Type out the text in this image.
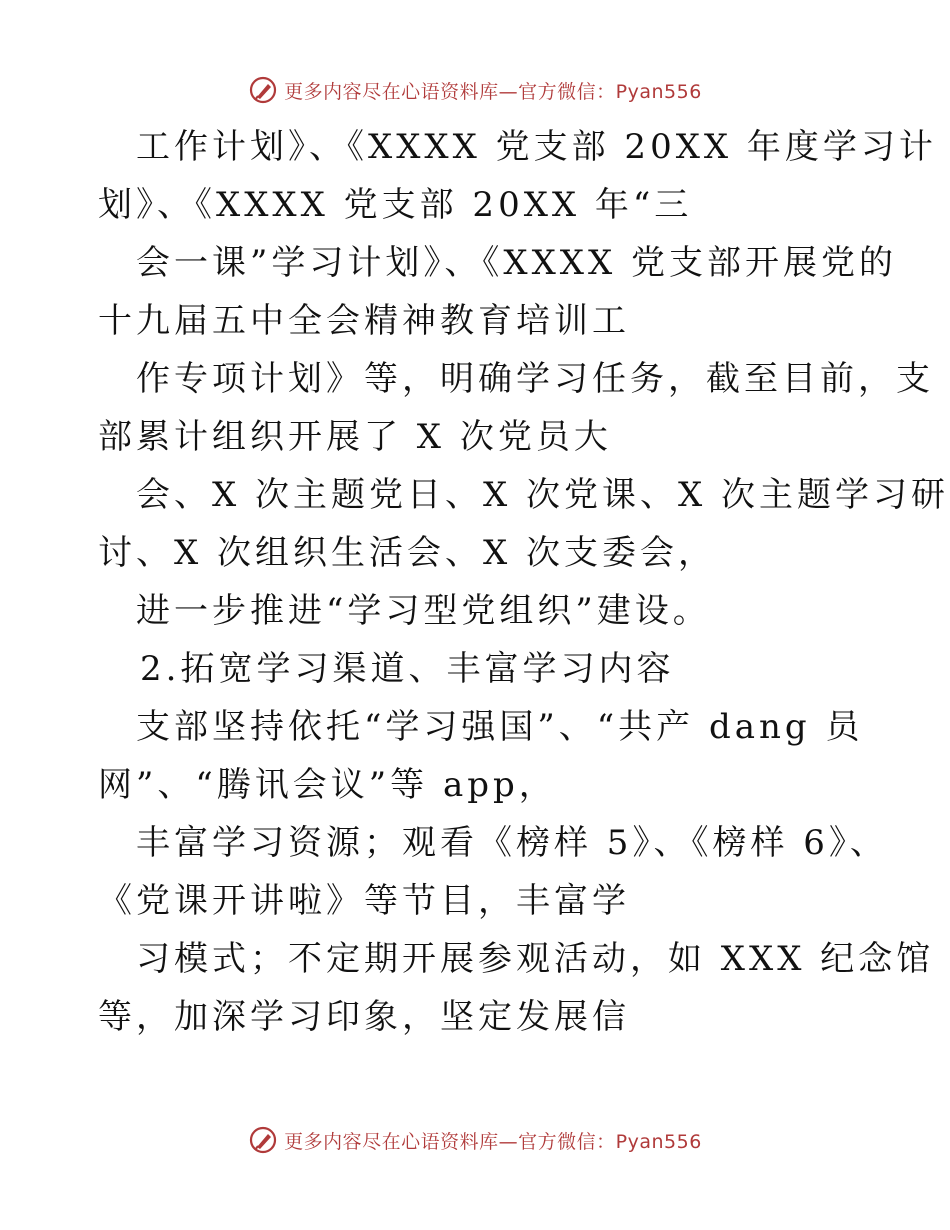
更多内容尽在心语资料库—官方微信：Pyan556
工作计划》、《XXXX 党支部 20XX 年度学习计
划》、《XXXX 党支部 20XX 年“三
会一课”学习计划》、《XXXX 党支部开展党的
十九届五中全会精神教育培训工
作专项计划》等，明确学习任务，截至目前，支
部累计组织开展了 X 次党员大
会、X 次主题党日、X 次党课、X 次主题学习研
讨、X 次组织生活会、X 次支委会，
进一步推进“学习型党组织”建设。
2.拓宽学习渠道、丰富学习内容
支部坚持依托“学习强国”、“共产 dang 员
网”、“腾讯会议”等 app，
丰富学习资源；观看《榜样 5》、《榜样 6》、
《党课开讲啦》等节目，丰富学
习模式；不定期开展参观活动，如 XXX 纪念馆
等，加深学习印象，坚定发展信
更多内容尽在心语资料库—官方微信：Pyan556
